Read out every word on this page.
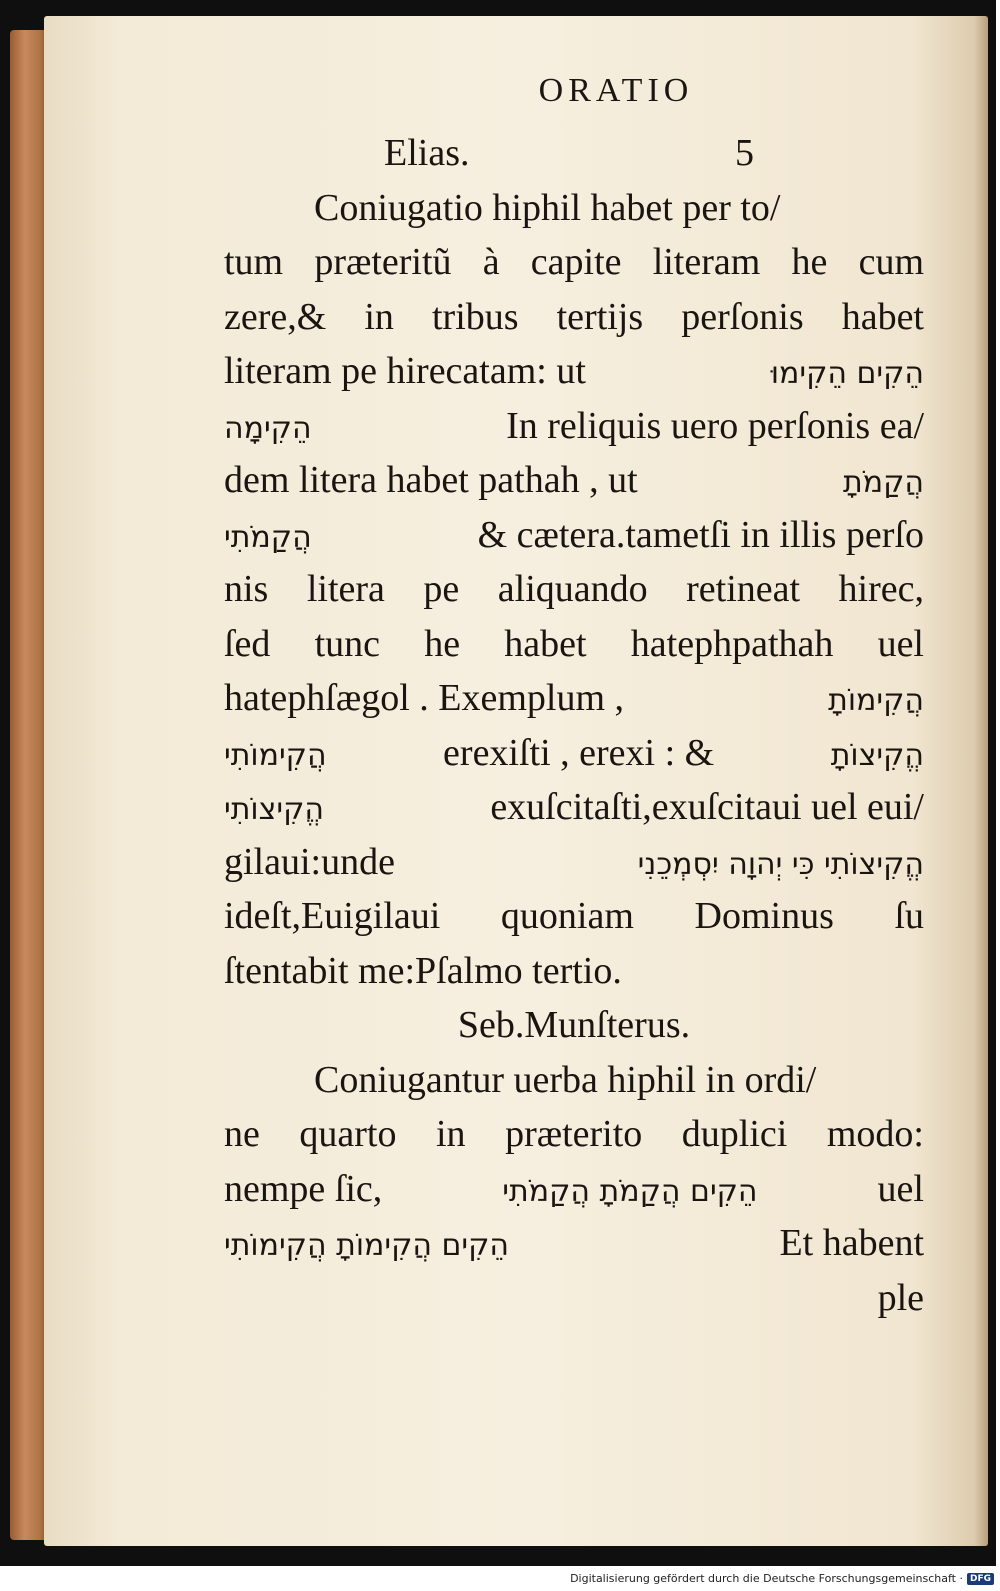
ORATIO
Elias.	5
Coniugatio hiphil habet per to/
tum præteritũ à capite literam he cum
zere,& in tribus tertijs perſonis habet
literam pe hirecatam: ut	הֵקִים הֵקִימוּ
הֵקִימָה	In reliquis uero perſonis ea/
dem litera habet pathah , ut	הֲקַמֹתָ
הֲקַמֹתִי	& cætera.tametſi in illis perſo
nis litera pe aliquando retineat hirec,
ſed tunc he habet hatephpathah uel
hatephſægol . Exemplum ,	הֲקִימוֹתָ
הֲקִימוֹתִי	erexiſti , erexi : &	הֱקִיצוֹתָ
הֱקִיצוֹתִי	exuſcitaſti,exuſcitaui uel eui/
gilaui:unde	הֱקִיצוֹתִי כִּי יְהוָה יִסְמְכֵנִי
ideſt,Euigilaui quoniam Dominus ſu
ſtentabit me:Pſalmo tertio.
Seb.Munſterus.
Coniugantur uerba hiphil in ordi/
ne quarto in præterito duplici modo:
nempe ſic,	הֵקִים הֲקַמֹתָ הֲקַמֹתִי	uel
הֵקִים הֲקִימוֹתָ הֲקִימוֹתִי	Et habent
ple
Digitalisierung gefördert durch die Deutsche Forschungsgemeinschaft · DFG
